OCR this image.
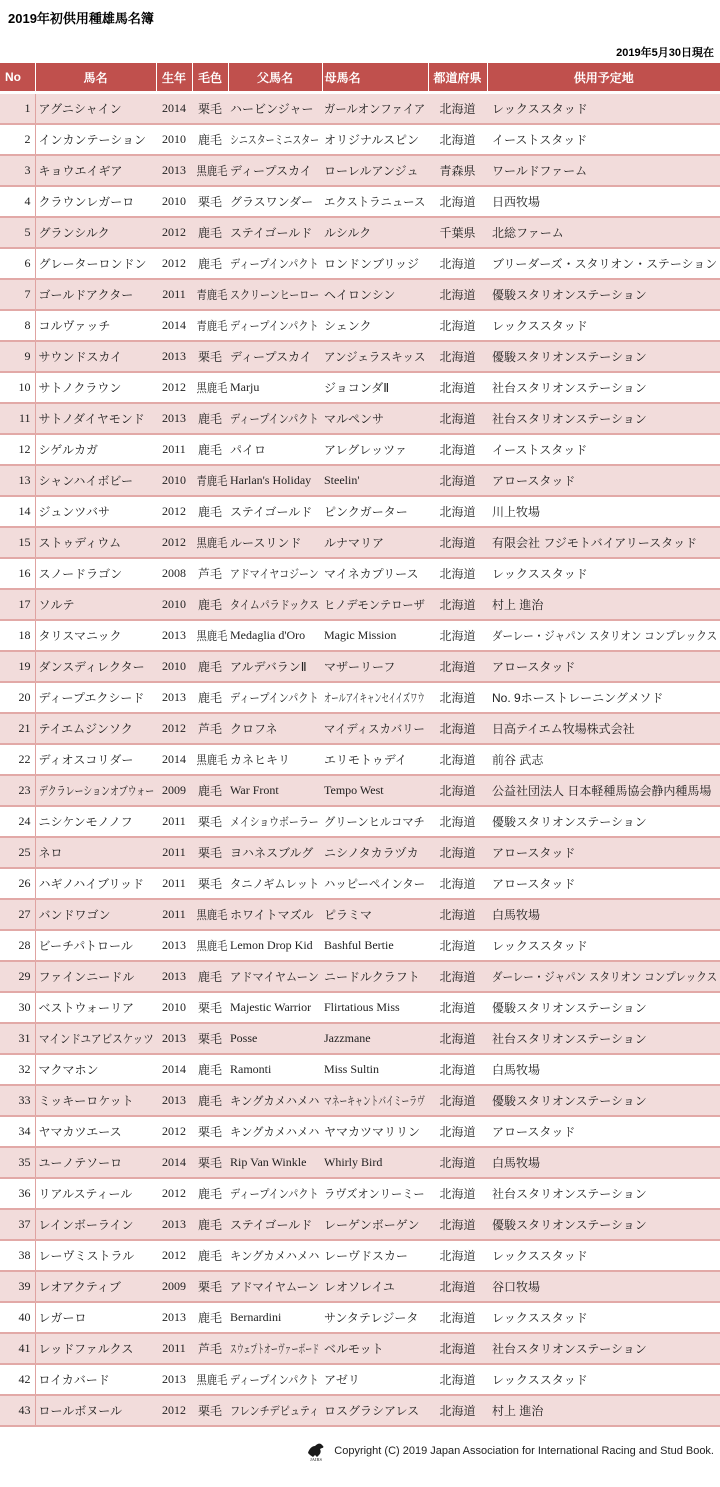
2019年初供用種雄馬名簿
2019年5月30日現在
No	馬名	生年	毛色	父馬名	母馬名	都道府県	供用予定地
1	アグニシャイン	2014	栗毛	ハービンジャー	ガールオンファイア	北海道	レックススタッド
2	インカンテーション	2010	鹿毛	シニスターミニスター	オリジナルスピン	北海道	イーストスタッド
3	キョウエイギア	2013	黒鹿毛	ディープスカイ	ローレルアンジュ	青森県	ワールドファーム
4	クラウンレガーロ	2010	栗毛	グラスワンダー	エクストラニュース	北海道	日西牧場
5	グランシルク	2012	鹿毛	ステイゴールド	ルシルク	千葉県	北総ファーム
6	グレーターロンドン	2012	鹿毛	ディープインパクト	ロンドンブリッジ	北海道	ブリーダーズ・スタリオン・ステーション
7	ゴールドアクター	2011	青鹿毛	スクリーンヒーロー	ヘイロンシン	北海道	優駿スタリオンステーション
8	コルヴァッチ	2014	青鹿毛	ディープインパクト	シェンク	北海道	レックススタッド
9	サウンドスカイ	2013	栗毛	ディープスカイ	アンジェラスキッス	北海道	優駿スタリオンステーション
10	サトノクラウン	2012	黒鹿毛	Marju	ジョコンダⅡ	北海道	社台スタリオンステーション
11	サトノダイヤモンド	2013	鹿毛	ディープインパクト	マルペンサ	北海道	社台スタリオンステーション
12	シゲルカガ	2011	鹿毛	パイロ	アレグレッツァ	北海道	イーストスタッド
13	シャンハイボビー	2010	青鹿毛	Harlan's Holiday	Steelin'	北海道	アロースタッド
14	ジュンツバサ	2012	鹿毛	ステイゴールド	ピンクガーター	北海道	川上牧場
15	ストゥディウム	2012	黒鹿毛	ルースリンド	ルナマリア	北海道	有限会社 フジモトバイアリースタッド
16	スノードラゴン	2008	芦毛	アドマイヤコジーン	マイネカプリース	北海道	レックススタッド
17	ソルテ	2010	鹿毛	タイムパラドックス	ヒノデモンテローザ	北海道	村上 進治
18	タリスマニック	2013	黒鹿毛	Medaglia d'Oro	Magic Mission	北海道	ダーレー・ジャパン スタリオン コンプレックス
19	ダンスディレクター	2010	鹿毛	アルデバランⅡ	マザーリーフ	北海道	アロースタッド
20	ディープエクシード	2013	鹿毛	ディープインパクト	オールアイキャンセイイズワウ	北海道	No. 9ホーストレーニングメソド
21	テイエムジンソク	2012	芦毛	クロフネ	マイディスカバリー	北海道	日高テイエム牧場株式会社
22	ディオスコリダー	2014	黒鹿毛	カネヒキリ	エリモトゥデイ	北海道	前谷 武志
23	デクラレーションオブウォー	2009	鹿毛	War Front	Tempo West	北海道	公益社団法人 日本軽種馬協会静内種馬場
24	ニシケンモノノフ	2011	栗毛	メイショウボーラー	グリーンヒルコマチ	北海道	優駿スタリオンステーション
25	ネロ	2011	栗毛	ヨハネスブルグ	ニシノタカラヅカ	北海道	アロースタッド
26	ハギノハイブリッド	2011	栗毛	タニノギムレット	ハッピーペインター	北海道	アロースタッド
27	バンドワゴン	2011	黒鹿毛	ホワイトマズル	ピラミマ	北海道	白馬牧場
28	ビーチパトロール	2013	黒鹿毛	Lemon Drop Kid	Bashful Bertie	北海道	レックススタッド
29	ファインニードル	2013	鹿毛	アドマイヤムーン	ニードルクラフト	北海道	ダーレー・ジャパン スタリオン コンプレックス
30	ベストウォーリア	2010	栗毛	Majestic Warrior	Flirtatious Miss	北海道	優駿スタリオンステーション
31	マインドユアビスケッツ	2013	栗毛	Posse	Jazzmane	北海道	社台スタリオンステーション
32	マクマホン	2014	鹿毛	Ramonti	Miss Sultin	北海道	白馬牧場
33	ミッキーロケット	2013	鹿毛	キングカメハメハ	マネーキャントバイミーラヴ	北海道	優駿スタリオンステーション
34	ヤマカツエース	2012	栗毛	キングカメハメハ	ヤマカツマリリン	北海道	アロースタッド
35	ユーノテソーロ	2014	栗毛	Rip Van Winkle	Whirly Bird	北海道	白馬牧場
36	リアルスティール	2012	鹿毛	ディープインパクト	ラヴズオンリーミー	北海道	社台スタリオンステーション
37	レインボーライン	2013	鹿毛	ステイゴールド	レーゲンボーゲン	北海道	優駿スタリオンステーション
38	レーヴミストラル	2012	鹿毛	キングカメハメハ	レーヴドスカー	北海道	レックススタッド
39	レオアクティブ	2009	栗毛	アドマイヤムーン	レオソレイユ	北海道	谷口牧場
40	レガーロ	2013	鹿毛	Bernardini	サンタテレジータ	北海道	レックススタッド
41	レッドファルクス	2011	芦毛	スウェプトオーヴァーボード	ベルモット	北海道	社台スタリオンステーション
42	ロイカバード	2013	黒鹿毛	ディープインパクト	アゼリ	北海道	レックススタッド
43	ロールボヌール	2012	栗毛	フレンチデピュティ	ロスグラシアレス	北海道	村上 進治
JAIRS
Copyright (C) 2019 Japan Association for International Racing and Stud Book.
